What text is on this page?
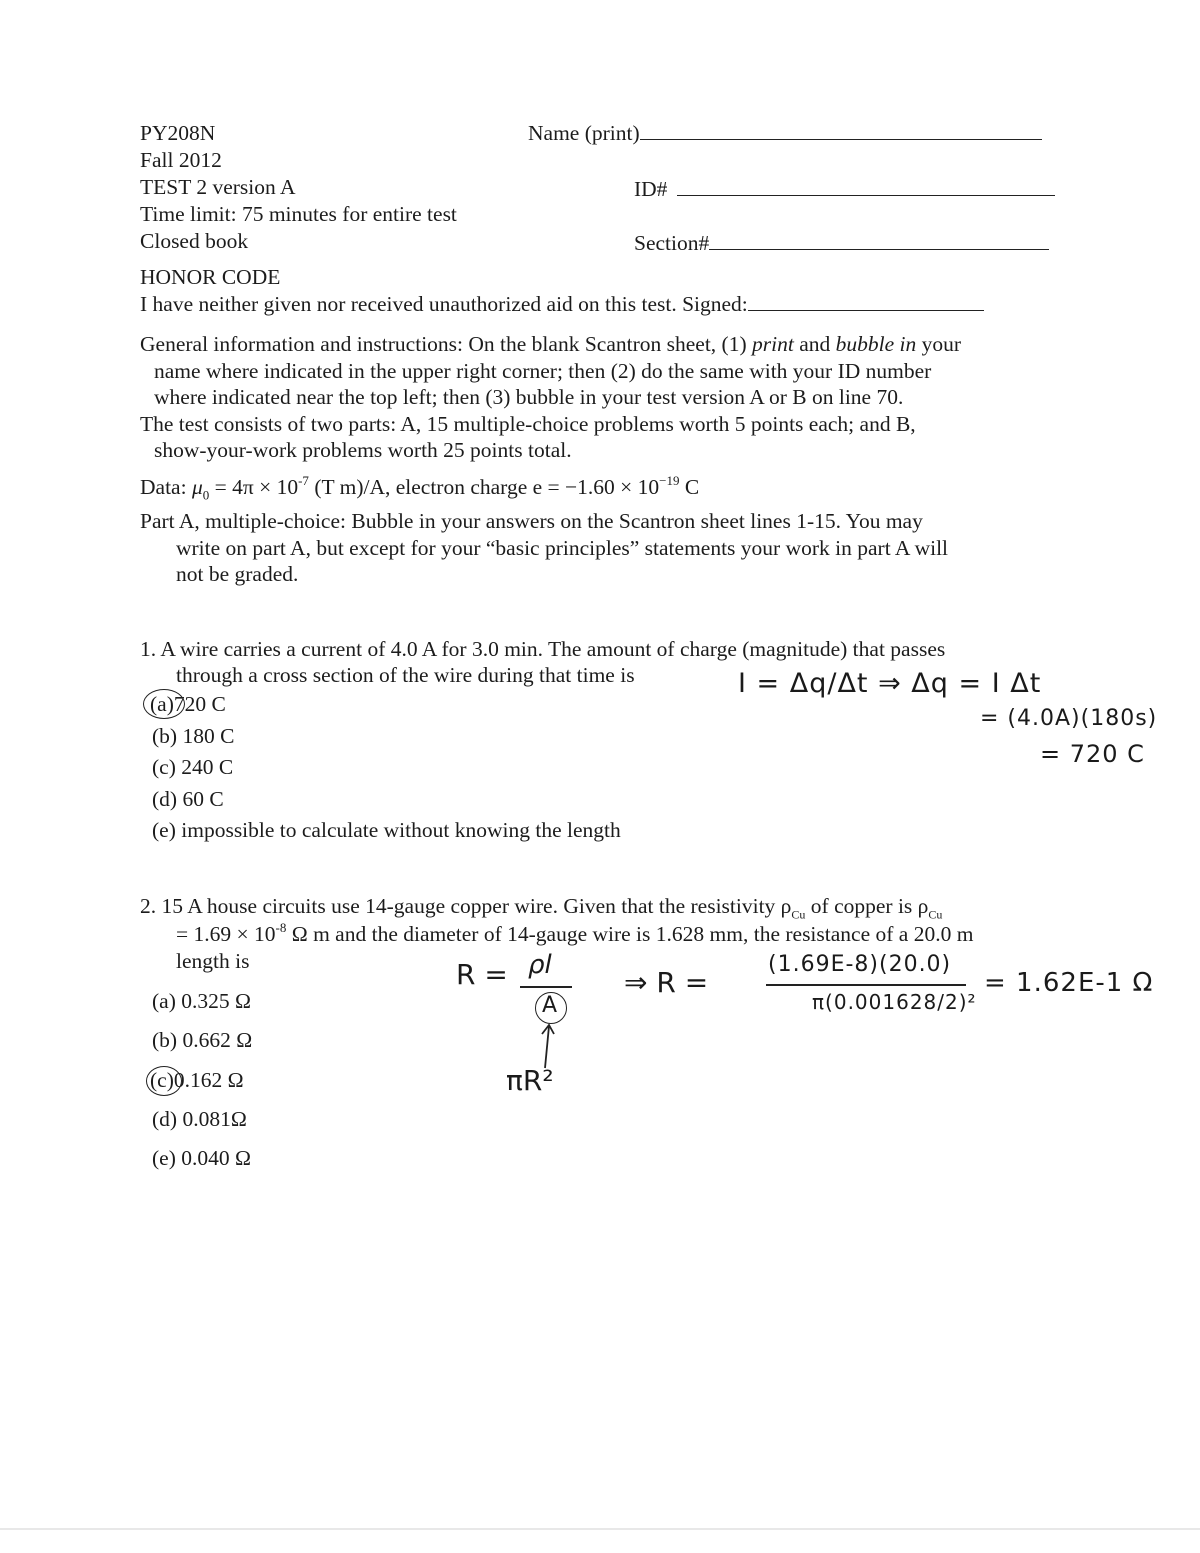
PY208N
Fall 2012
TEST 2 version A
Time limit: 75 minutes for entire test
Closed book
Name (print)
ID#
Section#
HONOR CODE
I have neither given nor received unauthorized aid on this test. Signed:
General information and instructions: On the blank Scantron sheet, (1) print and bubble in your
name where indicated in the upper right corner; then (2) do the same with your ID number
where indicated near the top left; then (3) bubble in your test version A or B on line 70.
The test consists of two parts: A, 15 multiple-choice problems worth 5 points each; and B,
show-your-work problems worth 25 points total.
Data: $\mu_0 = 4\pi \times 10^{-7}$ (T m)/A, electron charge $e = -1.60 \times 10^{-19}$ C
Part A, multiple-choice: Bubble in your answers on the Scantron sheet lines 1-15. You may
write on part A, but except for your “basic principles” statements your work in part A will
not be graded.
1. A wire carries a current of 4.0 A for 3.0 min. The amount of charge (magnitude) that passes
through a cross section of the wire during that time is
(a)720 C
(b) 180 C
(c) 240 C
(d) 60 C
(e) impossible to calculate without knowing the length
I = Δq/Δt ⇒ Δq = I Δt
= (4.0A)(180s)
= 720 C
2. 15 A house circuits use 14-gauge copper wire. Given that the resistivity $\rho_{Cu}$ of copper is $\rho_{Cu}$
= $1.69 \times 10^{-8}$ Ω m and the diameter of 14-gauge wire is 1.628 mm, the resistance of a 20.0 m
length is
(a) 0.325 Ω
(b) 0.662 Ω
(c)0.162 Ω
(d) 0.081Ω
(e) 0.040 Ω
R = ρl
A
πR²
⇒ R =
(1.69E-8)(20.0)
π(0.001628/2)²
= 1.62E-1 Ω
